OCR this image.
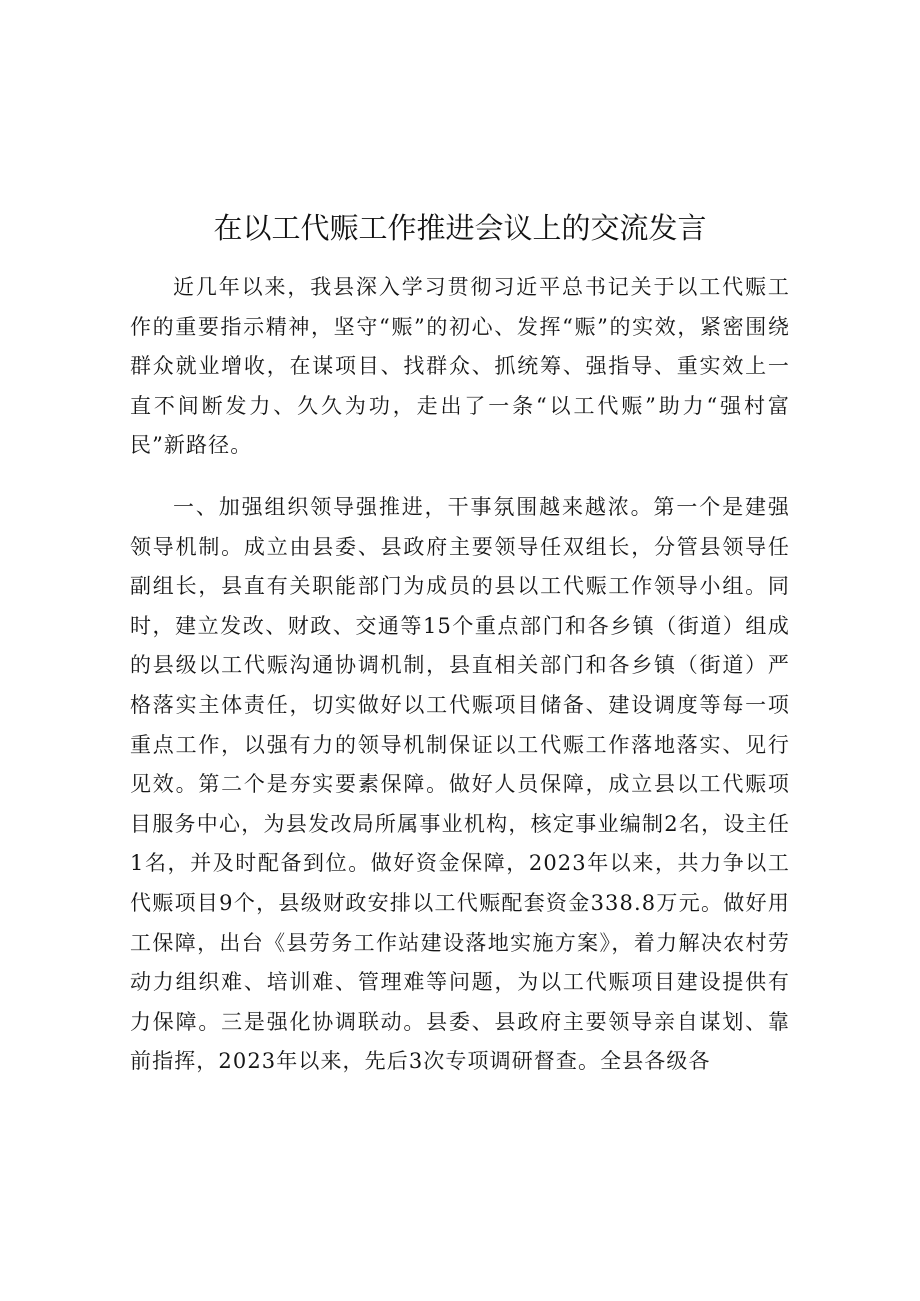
在以工代赈工作推进会议上的交流发言

近几年以来，我县深入学习贯彻习近平总书记关于以工代赈工作的重要指示精神，坚守“赈”的初心、发挥“赈”的实效，紧密围绕群众就业增收，在谋项目、找群众、抓统筹、强指导、重实效上一直不间断发力、久久为功，走出了一条“以工代赈”助力“强村富民”新路径。

一、加强组织领导强推进，干事氛围越来越浓。第一个是建强领导机制。成立由县委、县政府主要领导任双组长，分管县领导任副组长，县直有关职能部门为成员的县以工代赈工作领导小组。同时，建立发改、财政、交通等15个重点部门和各乡镇（街道）组成的县级以工代赈沟通协调机制，县直相关部门和各乡镇（街道）严格落实主体责任，切实做好以工代赈项目储备、建设调度等每一项重点工作，以强有力的领导机制保证以工代赈工作落地落实、见行见效。第二个是夯实要素保障。做好人员保障，成立县以工代赈项目服务中心，为县发改局所属事业机构，核定事业编制2名，设主任1名，并及时配备到位。做好资金保障，2023年以来，共力争以工代赈项目9个，县级财政安排以工代赈配套资金338.8万元。做好用工保障，出台《县劳务工作站建设落地实施方案》，着力解决农村劳动力组织难、培训难、管理难等问题，为以工代赈项目建设提供有力保障。三是强化协调联动。县委、县政府主要领导亲自谋划、靠前指挥，2023年以来，先后3次专项调研督查。全县各级各
